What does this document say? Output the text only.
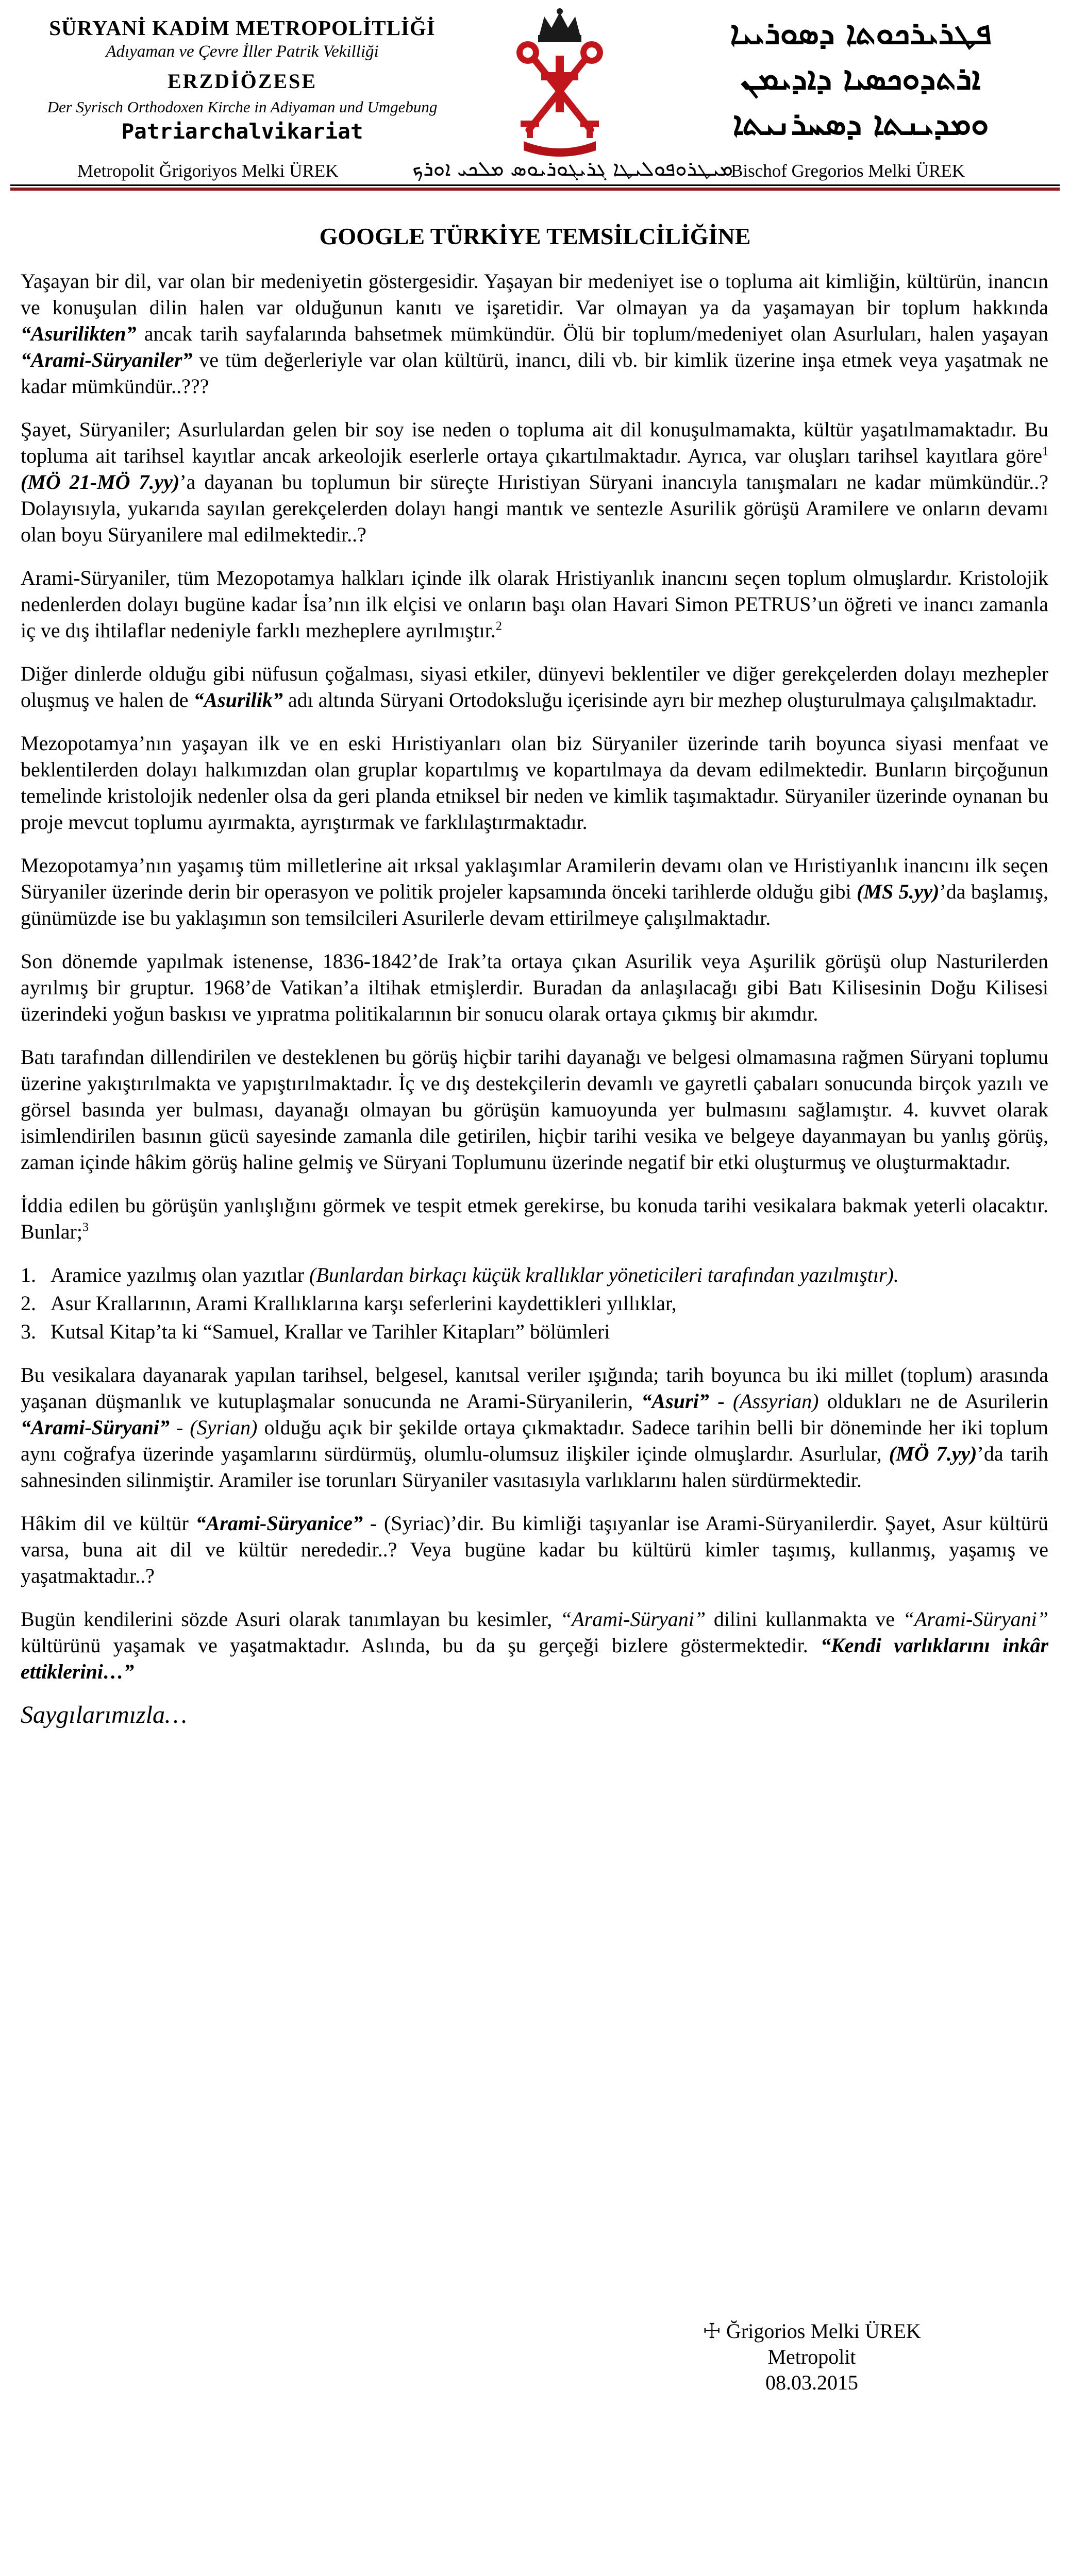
SÜRYANİ KADİM METROPOLİTLİĞİ
Adıyaman ve Çevre İller Patrik Vekilliği
ERZDİÖZESE
Der Syrisch Orthodoxen Kirche in Adiyaman und Umgebung
Patriarchalvikariat
ܦܛܪܝܪܟܘܬܐ ܕܣܘܪܝܝܐ
ܐܪܬܕܘܟܣܝܐ ܕܐܕܝܡܢ
ܘܡܕܝܢܬܐ ܕܣܚܪܢܝܬܐ
Metropolit Ğrigoriyos Melki ÜREK	ܡܝܛܪܘܦܘܠܝܛܐ ܓܪܝܓܘܪܝܘܣ ܡܠܟܝ ܐܘܪܟ
Bischof Gregorios Melki ÜREK
GOOGLE TÜRKİYE TEMSİLCİLİĞİNE

Yaşayan bir dil, var olan bir medeniyetin göstergesidir. Yaşayan bir medeniyet ise o topluma ait kimliğin, kültürün, inancın ve konuşulan dilin halen var olduğunun kanıtı ve işaretidir. Var olmayan ya da yaşamayan bir toplum hakkında “Asurilikten” ancak tarih sayfalarında bahsetmek mümkündür. Ölü bir toplum/medeniyet olan Asurluları, halen yaşayan “Arami-Süryaniler” ve tüm değerleriyle var olan kültürü, inancı, dili vb. bir kimlik üzerine inşa etmek veya yaşatmak ne kadar mümkündür..???

Şayet, Süryaniler; Asurlulardan gelen bir soy ise neden o topluma ait dil konuşulmamakta, kültür yaşatılmamaktadır. Bu topluma ait tarihsel kayıtlar ancak arkeolojik eserlerle ortaya çıkartılmaktadır. Ayrıca, var oluşları tarihsel kayıtlara göre$^1$ (MÖ 21-MÖ 7.yy)’a dayanan bu toplumun bir süreçte Hıristiyan Süryani inancıyla tanışmaları ne kadar mümkündür..? Dolayısıyla, yukarıda sayılan gerekçelerden dolayı hangi mantık ve sentezle Asurilik görüşü Aramilere ve onların devamı olan boyu Süryanilere mal edilmektedir..?

Arami-Süryaniler, tüm Mezopotamya halkları içinde ilk olarak Hristiyanlık inancını seçen toplum olmuşlardır. Kristolojik nedenlerden dolayı bugüne kadar İsa’nın ilk elçisi ve onların başı olan Havari Simon PETRUS’un öğreti ve inancı zamanla iç ve dış ihtilaflar nedeniyle farklı mezheplere ayrılmıştır.$^2$

Diğer dinlerde olduğu gibi nüfusun çoğalması, siyasi etkiler, dünyevi beklentiler ve diğer gerekçelerden dolayı mezhepler oluşmuş ve halen de “Asurilik” adı altında Süryani Ortodoksluğu içerisinde ayrı bir mezhep oluşturulmaya çalışılmaktadır.

Mezopotamya’nın yaşayan ilk ve en eski Hıristiyanları olan biz Süryaniler üzerinde tarih boyunca siyasi menfaat ve beklentilerden dolayı halkımızdan olan gruplar kopartılmış ve kopartılmaya da devam edilmektedir. Bunların birçoğunun temelinde kristolojik nedenler olsa da geri planda etniksel bir neden ve kimlik taşımaktadır. Süryaniler üzerinde oynanan bu proje mevcut toplumu ayırmakta, ayrıştırmak ve farklılaştırmaktadır.

Mezopotamya’nın yaşamış tüm milletlerine ait ırksal yaklaşımlar Aramilerin devamı olan ve Hıristiyanlık inancını ilk seçen Süryaniler üzerinde derin bir operasyon ve politik projeler kapsamında önceki tarihlerde olduğu gibi (MS 5.yy)’da başlamış, günümüzde ise bu yaklaşımın son temsilcileri Asurilerle devam ettirilmeye çalışılmaktadır.

Son dönemde yapılmak istenense, 1836-1842’de Irak’ta ortaya çıkan Asurilik veya Aşurilik görüşü olup Nasturilerden ayrılmış bir gruptur. 1968’de Vatikan’a iltihak etmişlerdir. Buradan da anlaşılacağı gibi Batı Kilisesinin Doğu Kilisesi üzerindeki yoğun baskısı ve yıpratma politikalarının bir sonucu olarak ortaya çıkmış bir akımdır.

Batı tarafından dillendirilen ve desteklenen bu görüş hiçbir tarihi dayanağı ve belgesi olmamasına rağmen Süryani toplumu üzerine yakıştırılmakta ve yapıştırılmaktadır. İç ve dış destekçilerin devamlı ve gayretli çabaları sonucunda birçok yazılı ve görsel basında yer bulması, dayanağı olmayan bu görüşün kamuoyunda yer bulmasını sağlamıştır. 4. kuvvet olarak isimlendirilen basının gücü sayesinde zamanla dile getirilen, hiçbir tarihi vesika ve belgeye dayanmayan bu yanlış görüş, zaman içinde hâkim görüş haline gelmiş ve Süryani Toplumunu üzerinde negatif bir etki oluşturmuş ve oluşturmaktadır.

İddia edilen bu görüşün yanlışlığını görmek ve tespit etmek gerekirse, bu konuda tarihi vesikalara bakmak yeterli olacaktır. Bunlar;$^3$

1. Aramice yazılmış olan yazıtlar (Bunlardan birkaçı küçük krallıklar yöneticileri tarafından yazılmıştır).
2. Asur Krallarının, Arami Krallıklarına karşı seferlerini kaydettikleri yıllıklar,
3. Kutsal Kitap’ta ki “Samuel, Krallar ve Tarihler Kitapları” bölümleri

Bu vesikalara dayanarak yapılan tarihsel, belgesel, kanıtsal veriler ışığında; tarih boyunca bu iki millet (toplum) arasında yaşanan düşmanlık ve kutuplaşmalar sonucunda ne Arami-Süryanilerin, “Asuri” - (Assyrian) oldukları ne de Asurilerin “Arami-Süryani” - (Syrian) olduğu açık bir şekilde ortaya çıkmaktadır. Sadece tarihin belli bir döneminde her iki toplum aynı coğrafya üzerinde yaşamlarını sürdürmüş, olumlu-olumsuz ilişkiler içinde olmuşlardır. Asurlular, (MÖ 7.yy)’da tarih sahnesinden silinmiştir. Aramiler ise torunları Süryaniler vasıtasıyla varlıklarını halen sürdürmektedir.

Hâkim dil ve kültür “Arami-Süryanice” - (Syriac)’dir. Bu kimliği taşıyanlar ise Arami-Süryanilerdir. Şayet, Asur kültürü varsa, buna ait dil ve kültür nerededir..? Veya bugüne kadar bu kültürü kimler taşımış, kullanmış, yaşamış ve yaşatmaktadır..?

Bugün kendilerini sözde Asuri olarak tanımlayan bu kesimler, “Arami-Süryani” dilini kullanmakta ve “Arami-Süryani” kültürünü yaşamak ve yaşatmaktadır. Aslında, bu da şu gerçeği bizlere göstermektedir. “Kendi varlıklarını inkâr ettiklerini…”

Saygılarımızla…
☩ Ğrigorios Melki ÜREK
Metropolit
08.03.2015
